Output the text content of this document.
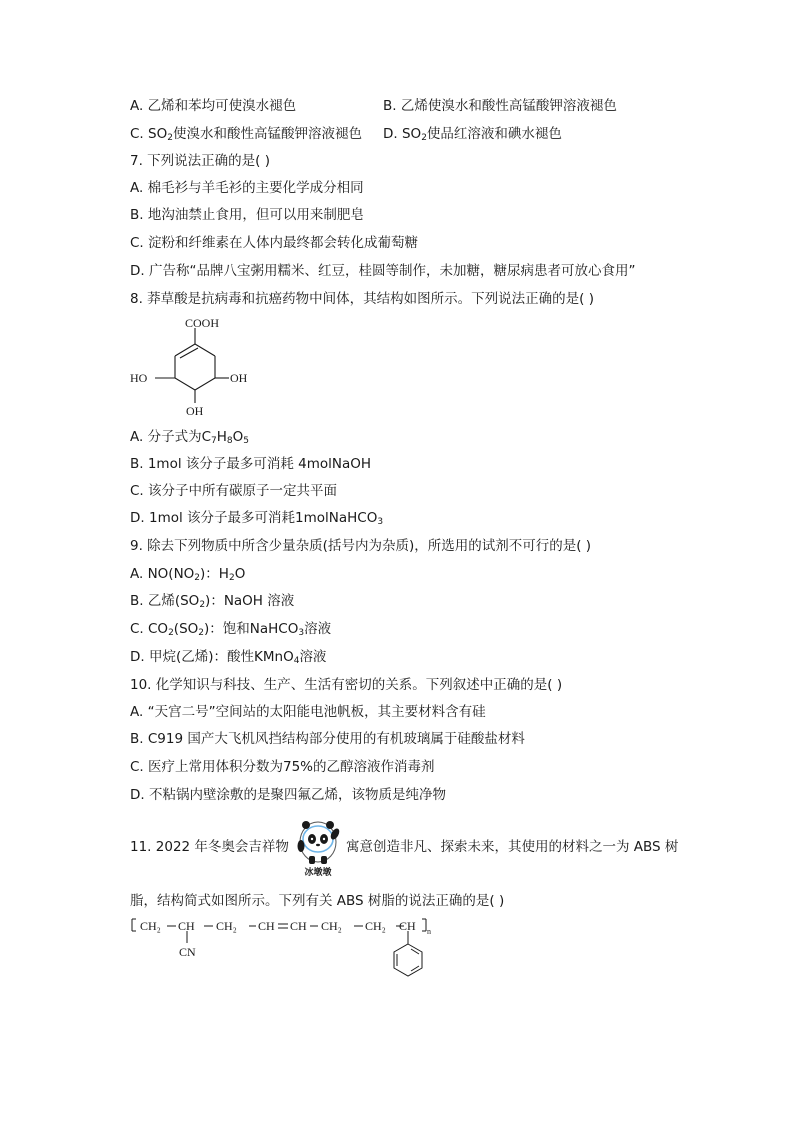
A. 乙烯和苯均可使溴水褪色	B. 乙烯使溴水和酸性高锰酸钾溶液褪色
C. $SO_2$使溴水和酸性高锰酸钾溶液褪色 D. $SO_2$使品红溶液和碘水褪色
7. 下列说法正确的是( )
A. 棉毛衫与羊毛衫的主要化学成分相同
B. 地沟油禁止食用，但可以用来制肥皂
C. 淀粉和纤维素在人体内最终都会转化成葡萄糖
D. 广告称“品牌八宝粥用糯米、红豆，桂圆等制作，未加糖，糖尿病患者可放心食用”
8. 莽草酸是抗病毒和抗癌药物中间体，其结构如图所示。下列说法正确的是( )
COOH
HO	OH
OH
A. 分子式为$C_7H_8O_5$
B. 1mol 该分子最多可消耗 4molNaOH
C. 该分子中所有碳原子一定共平面
D. 1mol 该分子最多可消耗1molNaHCO$_3$
9. 除去下列物质中所含少量杂质(括号内为杂质)，所选用的试剂不可行的是( )
A. $NO(NO_2)$：$H_2O$
B. 乙烯$(SO_2)$：NaOH 溶液
C. $CO_2(SO_2)$：饱和NaHCO$_3$溶液
D. 甲烷(乙烯)：酸性KMnO$_4$溶液
10. 化学知识与科技、生产、生活有密切的关系。下列叙述中正确的是( )
A. “天宫二号”空间站的太阳能电池帆板，其主要材料含有硅
B. C919 国产大飞机风挡结构部分使用的有机玻璃属于硅酸盐材料
C. 医疗上常用体积分数为75%的乙醇溶液作消毒剂
D. 不粘锅内壁涂敷的是聚四氟乙烯，该物质是纯净物
11. 2022 年冬奥会吉祥物
冰墩墩
寓意创造非凡、探索未来，其使用的材料之一为 ABS 树
脂，结构简式如图所示。下列有关 ABS 树脂的说法正确的是( )
CH₂ CH CH₂ CH CH CH₂ CH₂ CH
CN
n
